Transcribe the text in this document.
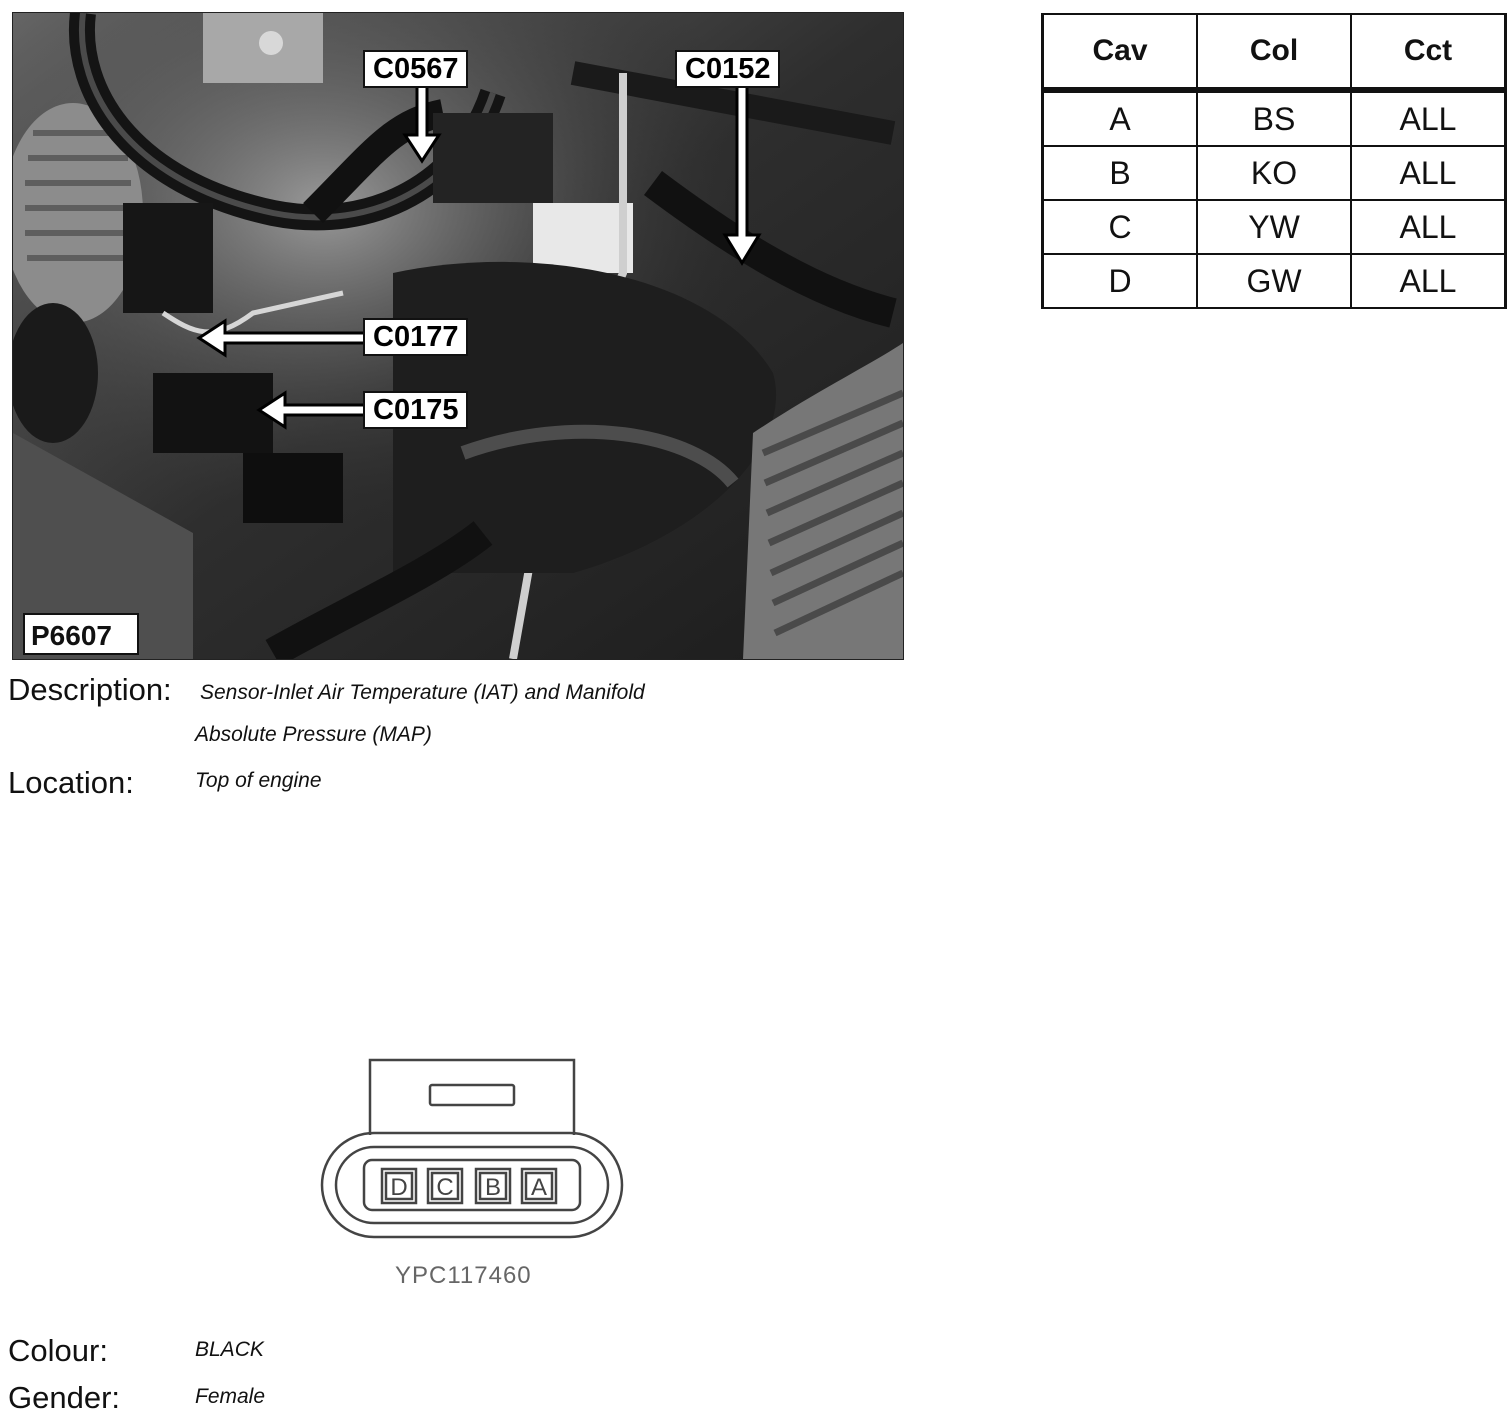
C0567	C0152
C0177
C0175
P6607
Cav	Col	Cct
A	BS	ALL
B	KO	ALL
C	YW	ALL
D	GW	ALL
Description: Sensor-Inlet Air Temperature (IAT) and Manifold
Absolute Pressure (MAP)
Location:	Top of engine
D C B A
YPC117460
Colour:	BLACK
Gender:	Female
